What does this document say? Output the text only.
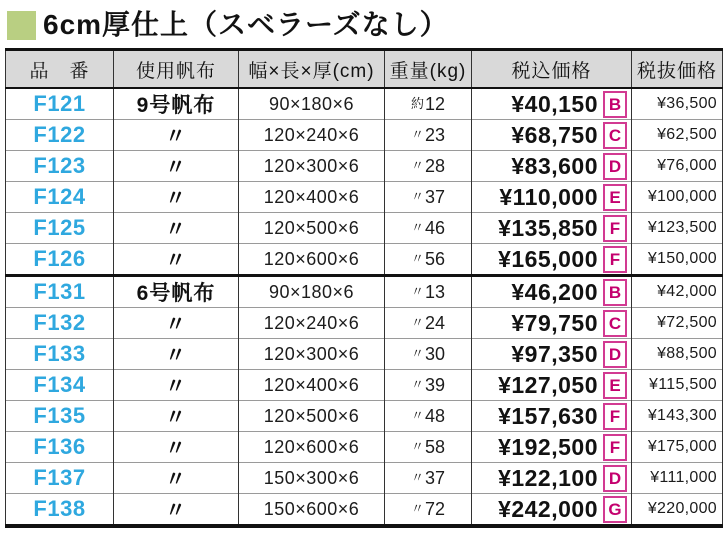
6cm厚仕上（スベラーズなし）
品　番	使用帆布	幅×長×厚(cm)	重量(kg)	税込価格	税抜価格
F121	9号帆布	90×180×6	約12	¥40,150 B	¥36,500
F122	〃	120×240×6	〃23	¥68,750 C	¥62,500
F123	〃	120×300×6	〃28	¥83,600 D	¥76,000
F124	〃	120×400×6	〃37	¥110,000 E	¥100,000
F125	〃	120×500×6	〃46	¥135,850 F	¥123,500
F126	〃	120×600×6	〃56	¥165,000 F	¥150,000
F131	6号帆布	90×180×6	〃13	¥46,200 B	¥42,000
F132	〃	120×240×6	〃24	¥79,750 C	¥72,500
F133	〃	120×300×6	〃30	¥97,350 D	¥88,500
F134	〃	120×400×6	〃39	¥127,050 E	¥115,500
F135	〃	120×500×6	〃48	¥157,630 F	¥143,300
F136	〃	120×600×6	〃58	¥192,500 F	¥175,000
F137	〃	150×300×6	〃37	¥122,100 D	¥111,000
F138	〃	150×600×6	〃72	¥242,000 G	¥220,000
